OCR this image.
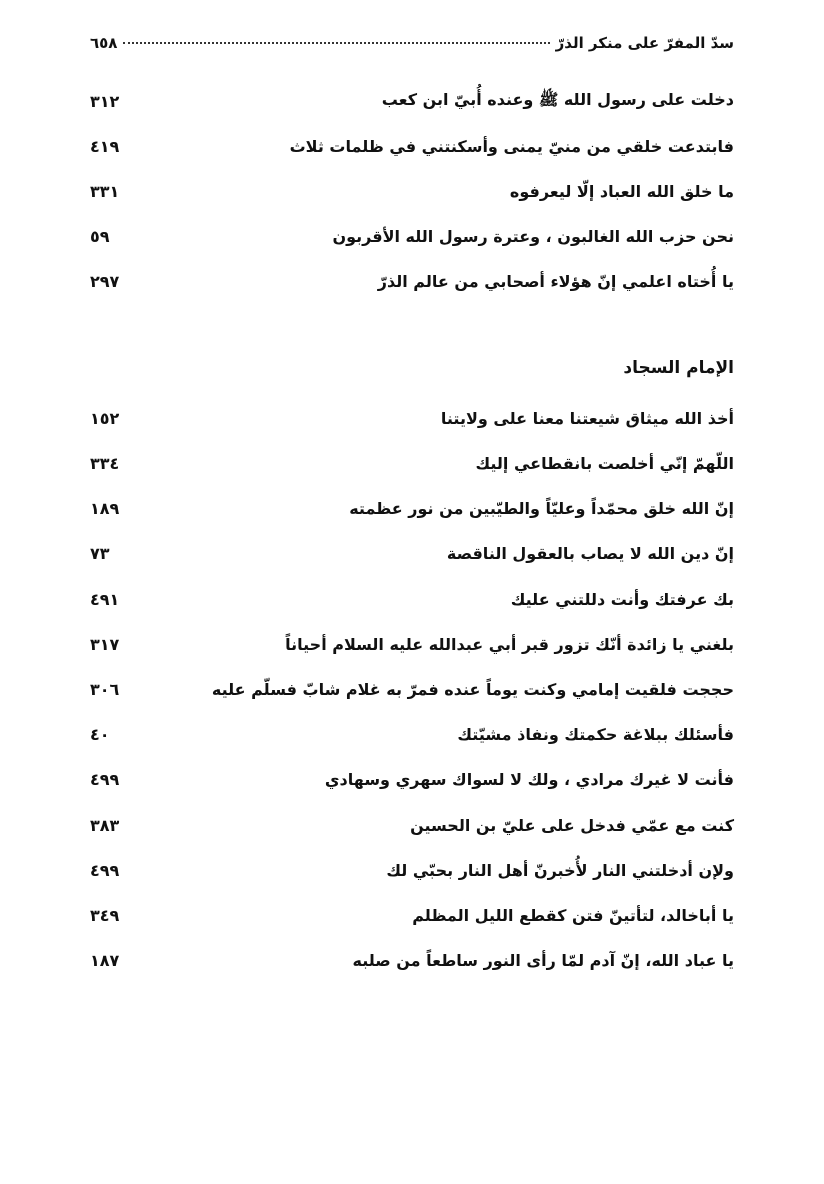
سدّ المفرّ على منكر الذرّ
٦٥٨
دخلت على رسول الله ﷺ وعنده أُبيّ ابن كعب
٣١٢
فابتدعت خلقي من منيّ يمنى وأسكنتني في ظلمات ثلاث
٤١٩
ما خلق الله العباد إلّا ليعرفوه
٣٣١
نحن حزب الله الغالبون ، وعترة رسول الله الأقربون
٥٩
يا أُختاه اعلمي إنّ هؤلاء أصحابي من عالم الذرّ
٢٩٧
الإمام السجاد
أخذ الله ميثاق شيعتنا معنا على ولايتنا
١٥٢
اللّهمّ إنّي أخلصت بانقطاعي إليك
٣٣٤
إنّ الله خلق محمّداً وعليّاً والطيّبين من نور عظمته
١٨٩
إنّ دين الله لا يصاب بالعقول الناقصة
٧٣
بك عرفتك وأنت دللتني عليك
٤٩١
بلغني يا زائدة أنّك تزور قبر أبي عبدالله عليه السلام أحياناً
٣١٧
حججت فلقيت إمامي وكنت يوماً عنده فمرّ به غلام شابّ فسلّم عليه
٣٠٦
فأسئلك ببلاغة حكمتك ونفاذ مشيّتك
٤٠
فأنت لا غيرك مرادي ، ولك لا لسواك سهري وسهادي
٤٩٩
كنت مع عمّي فدخل على عليّ بن الحسين
٣٨٣
ولإن أدخلتني النار لأُخبرنّ أهل النار بحبّي لك
٤٩٩
يا أباخالد، لتأتينّ فتن كقطع الليل المظلم
٣٤٩
يا عباد الله، إنّ آدم لمّا رأى النور ساطعاً من صلبه
١٨٧
